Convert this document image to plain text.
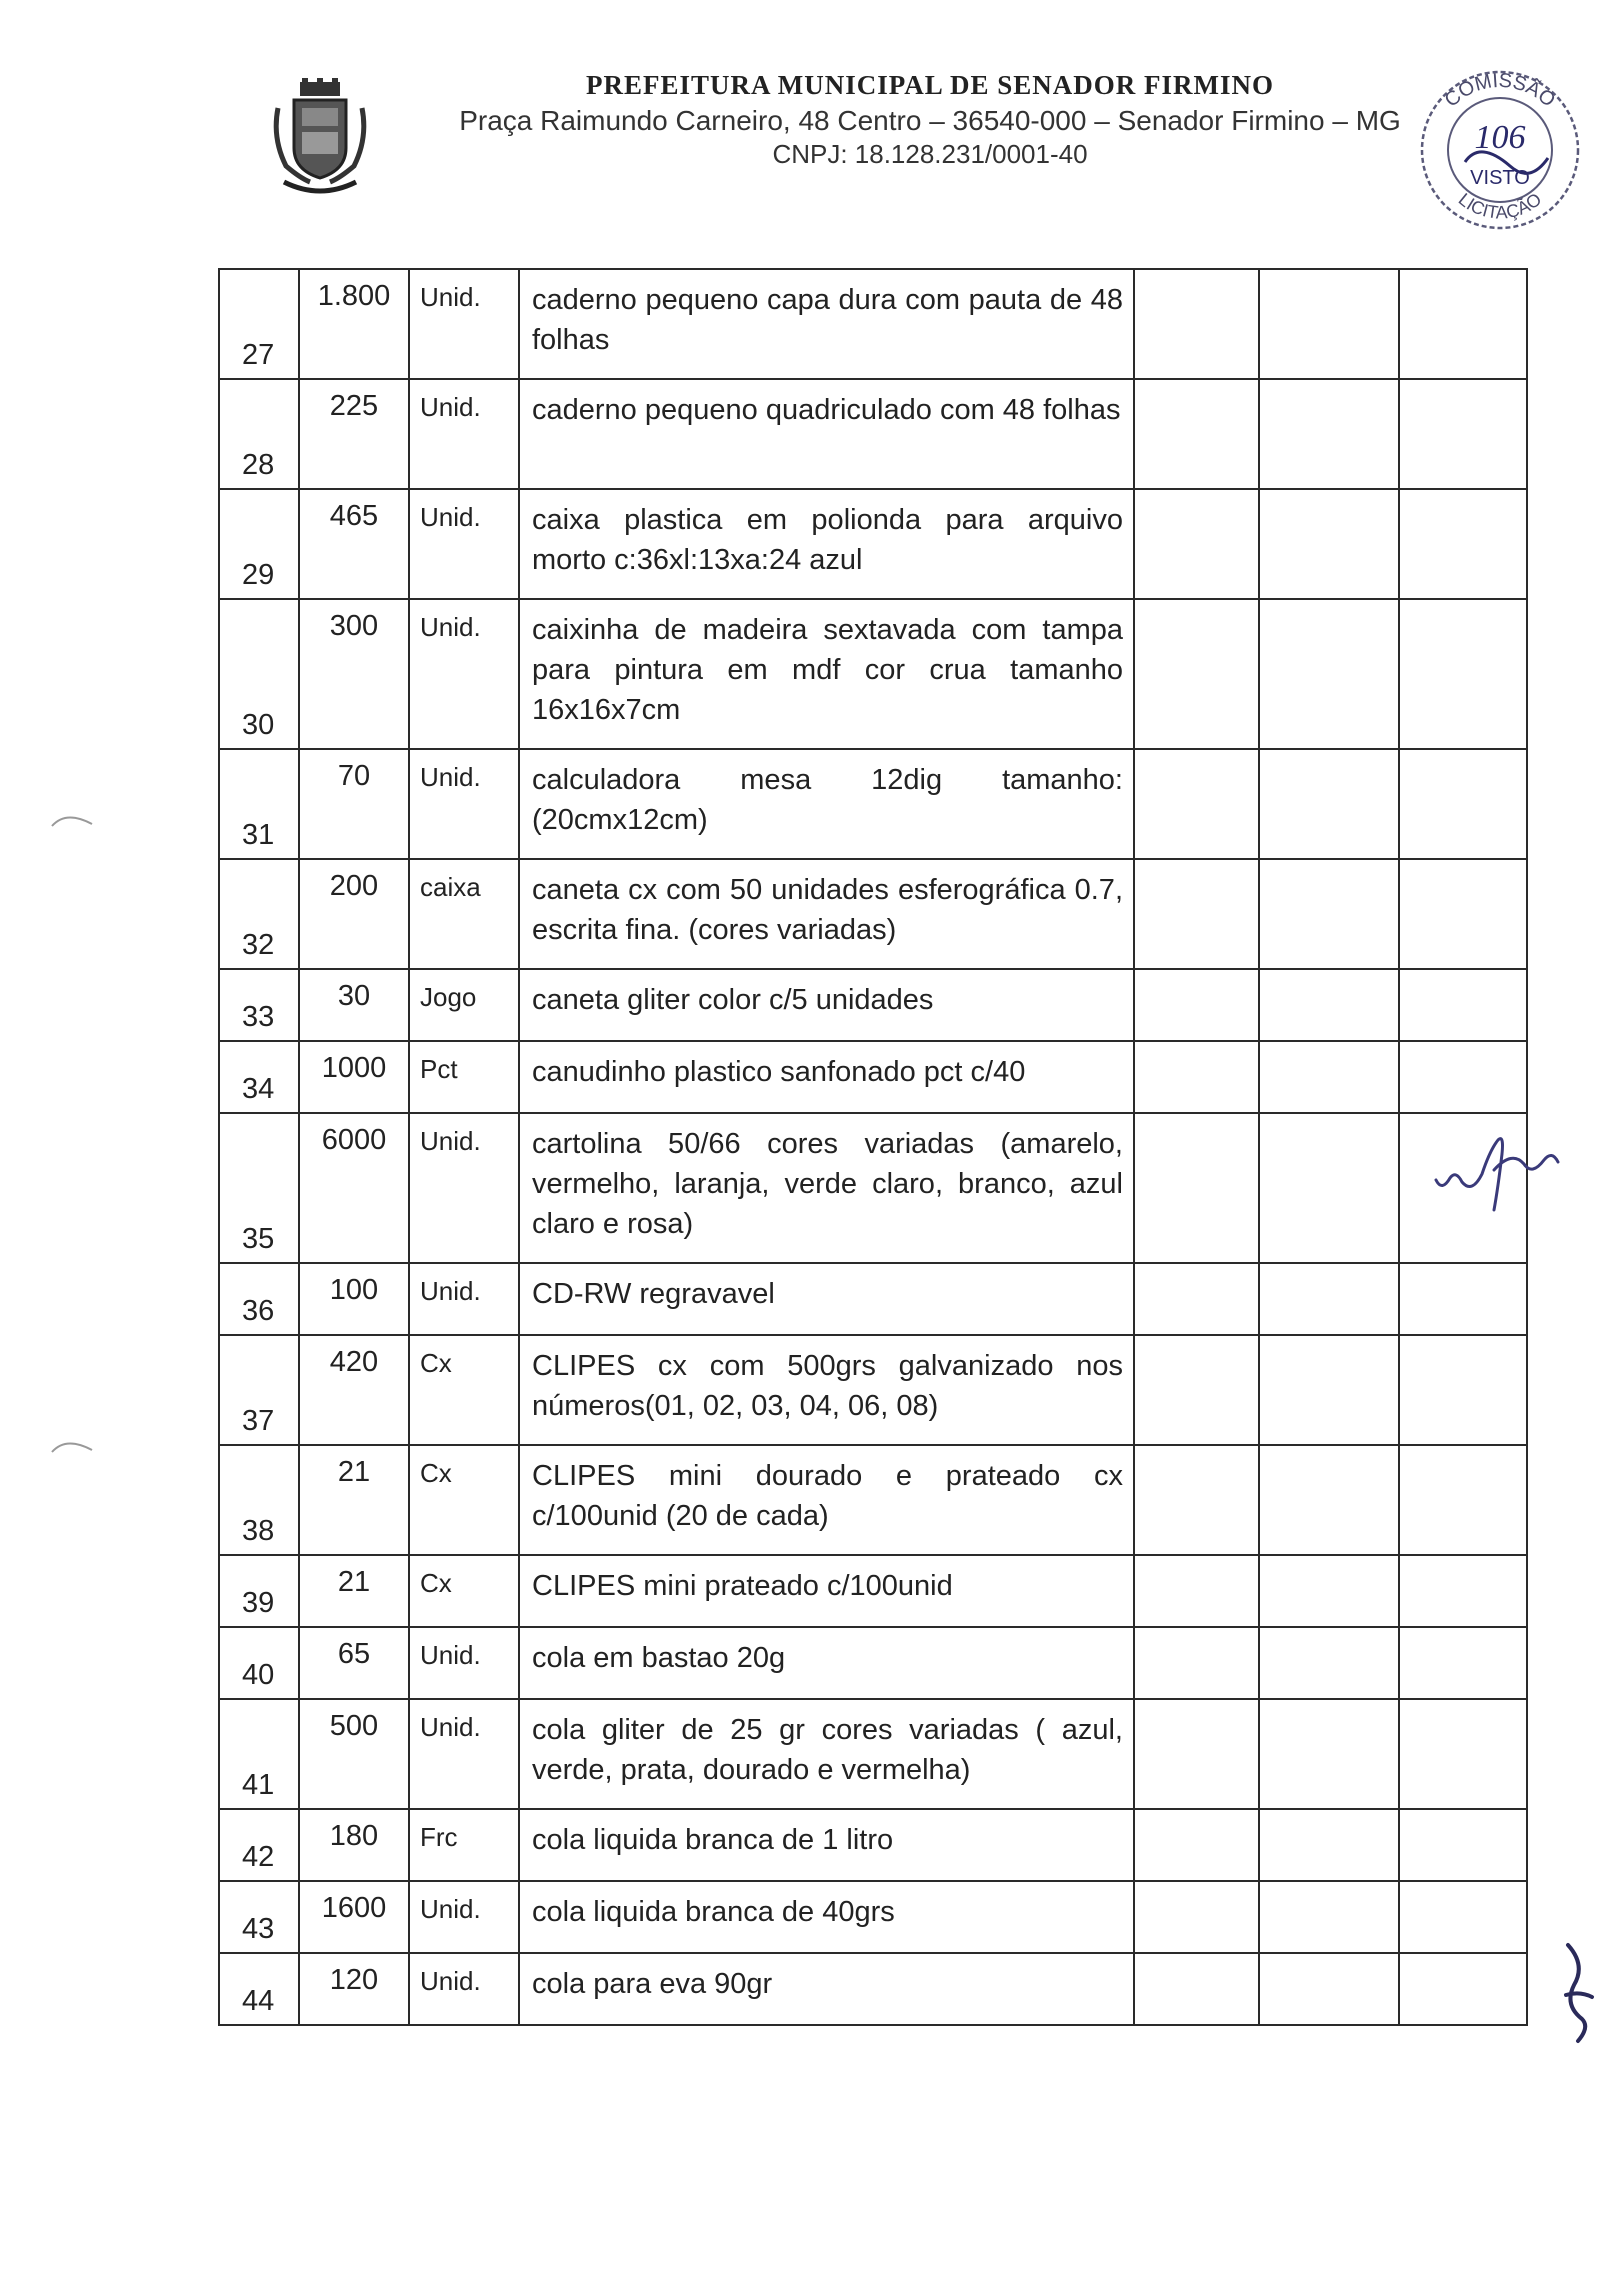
PREFEITURA MUNICIPAL DE SENADOR FIRMINO
Praça Raimundo Carneiro, 48 Centro – 36540-000 – Senador Firmino – MG
CNPJ: 18.128.231/0001-40
COMISSÃO
LICITAÇÃO
106
VISTO
27	1.800	Unid.	caderno pequeno capa dura com pauta de 48 folhas			
28	225	Unid.	caderno pequeno quadriculado com 48 folhas			
29	465	Unid.	caixa plastica em polionda para arquivo morto c:36xl:13xa:24 azul			
30	300	Unid.	caixinha de madeira sextavada com tampa para pintura em mdf cor crua tamanho 16x16x7cm			
31	70	Unid.	calculadora mesa 12dig tamanho: (20cmx12cm)			
32	200	caixa	caneta cx com 50 unidades esferográfica 0.7, escrita fina. (cores variadas)			
33	30	Jogo	caneta gliter color c/5 unidades			
34	1000	Pct	canudinho plastico sanfonado pct c/40			
35	6000	Unid.	cartolina 50/66 cores variadas (amarelo, vermelho, laranja, verde claro, branco, azul claro e rosa)			
36	100	Unid.	CD-RW regravavel			
37	420	Cx	CLIPES cx com 500grs galvanizado nos números(01, 02, 03, 04, 06, 08)			
38	21	Cx	CLIPES mini dourado e prateado cx c/100unid (20 de cada)			
39	21	Cx	CLIPES mini prateado c/100unid			
40	65	Unid.	cola em bastao 20g			
41	500	Unid.	cola gliter de 25 gr cores variadas ( azul, verde, prata, dourado e vermelha)			
42	180	Frc	cola liquida branca de 1 litro			
43	1600	Unid.	cola liquida branca de 40grs			
44	120	Unid.	cola para eva 90gr			
